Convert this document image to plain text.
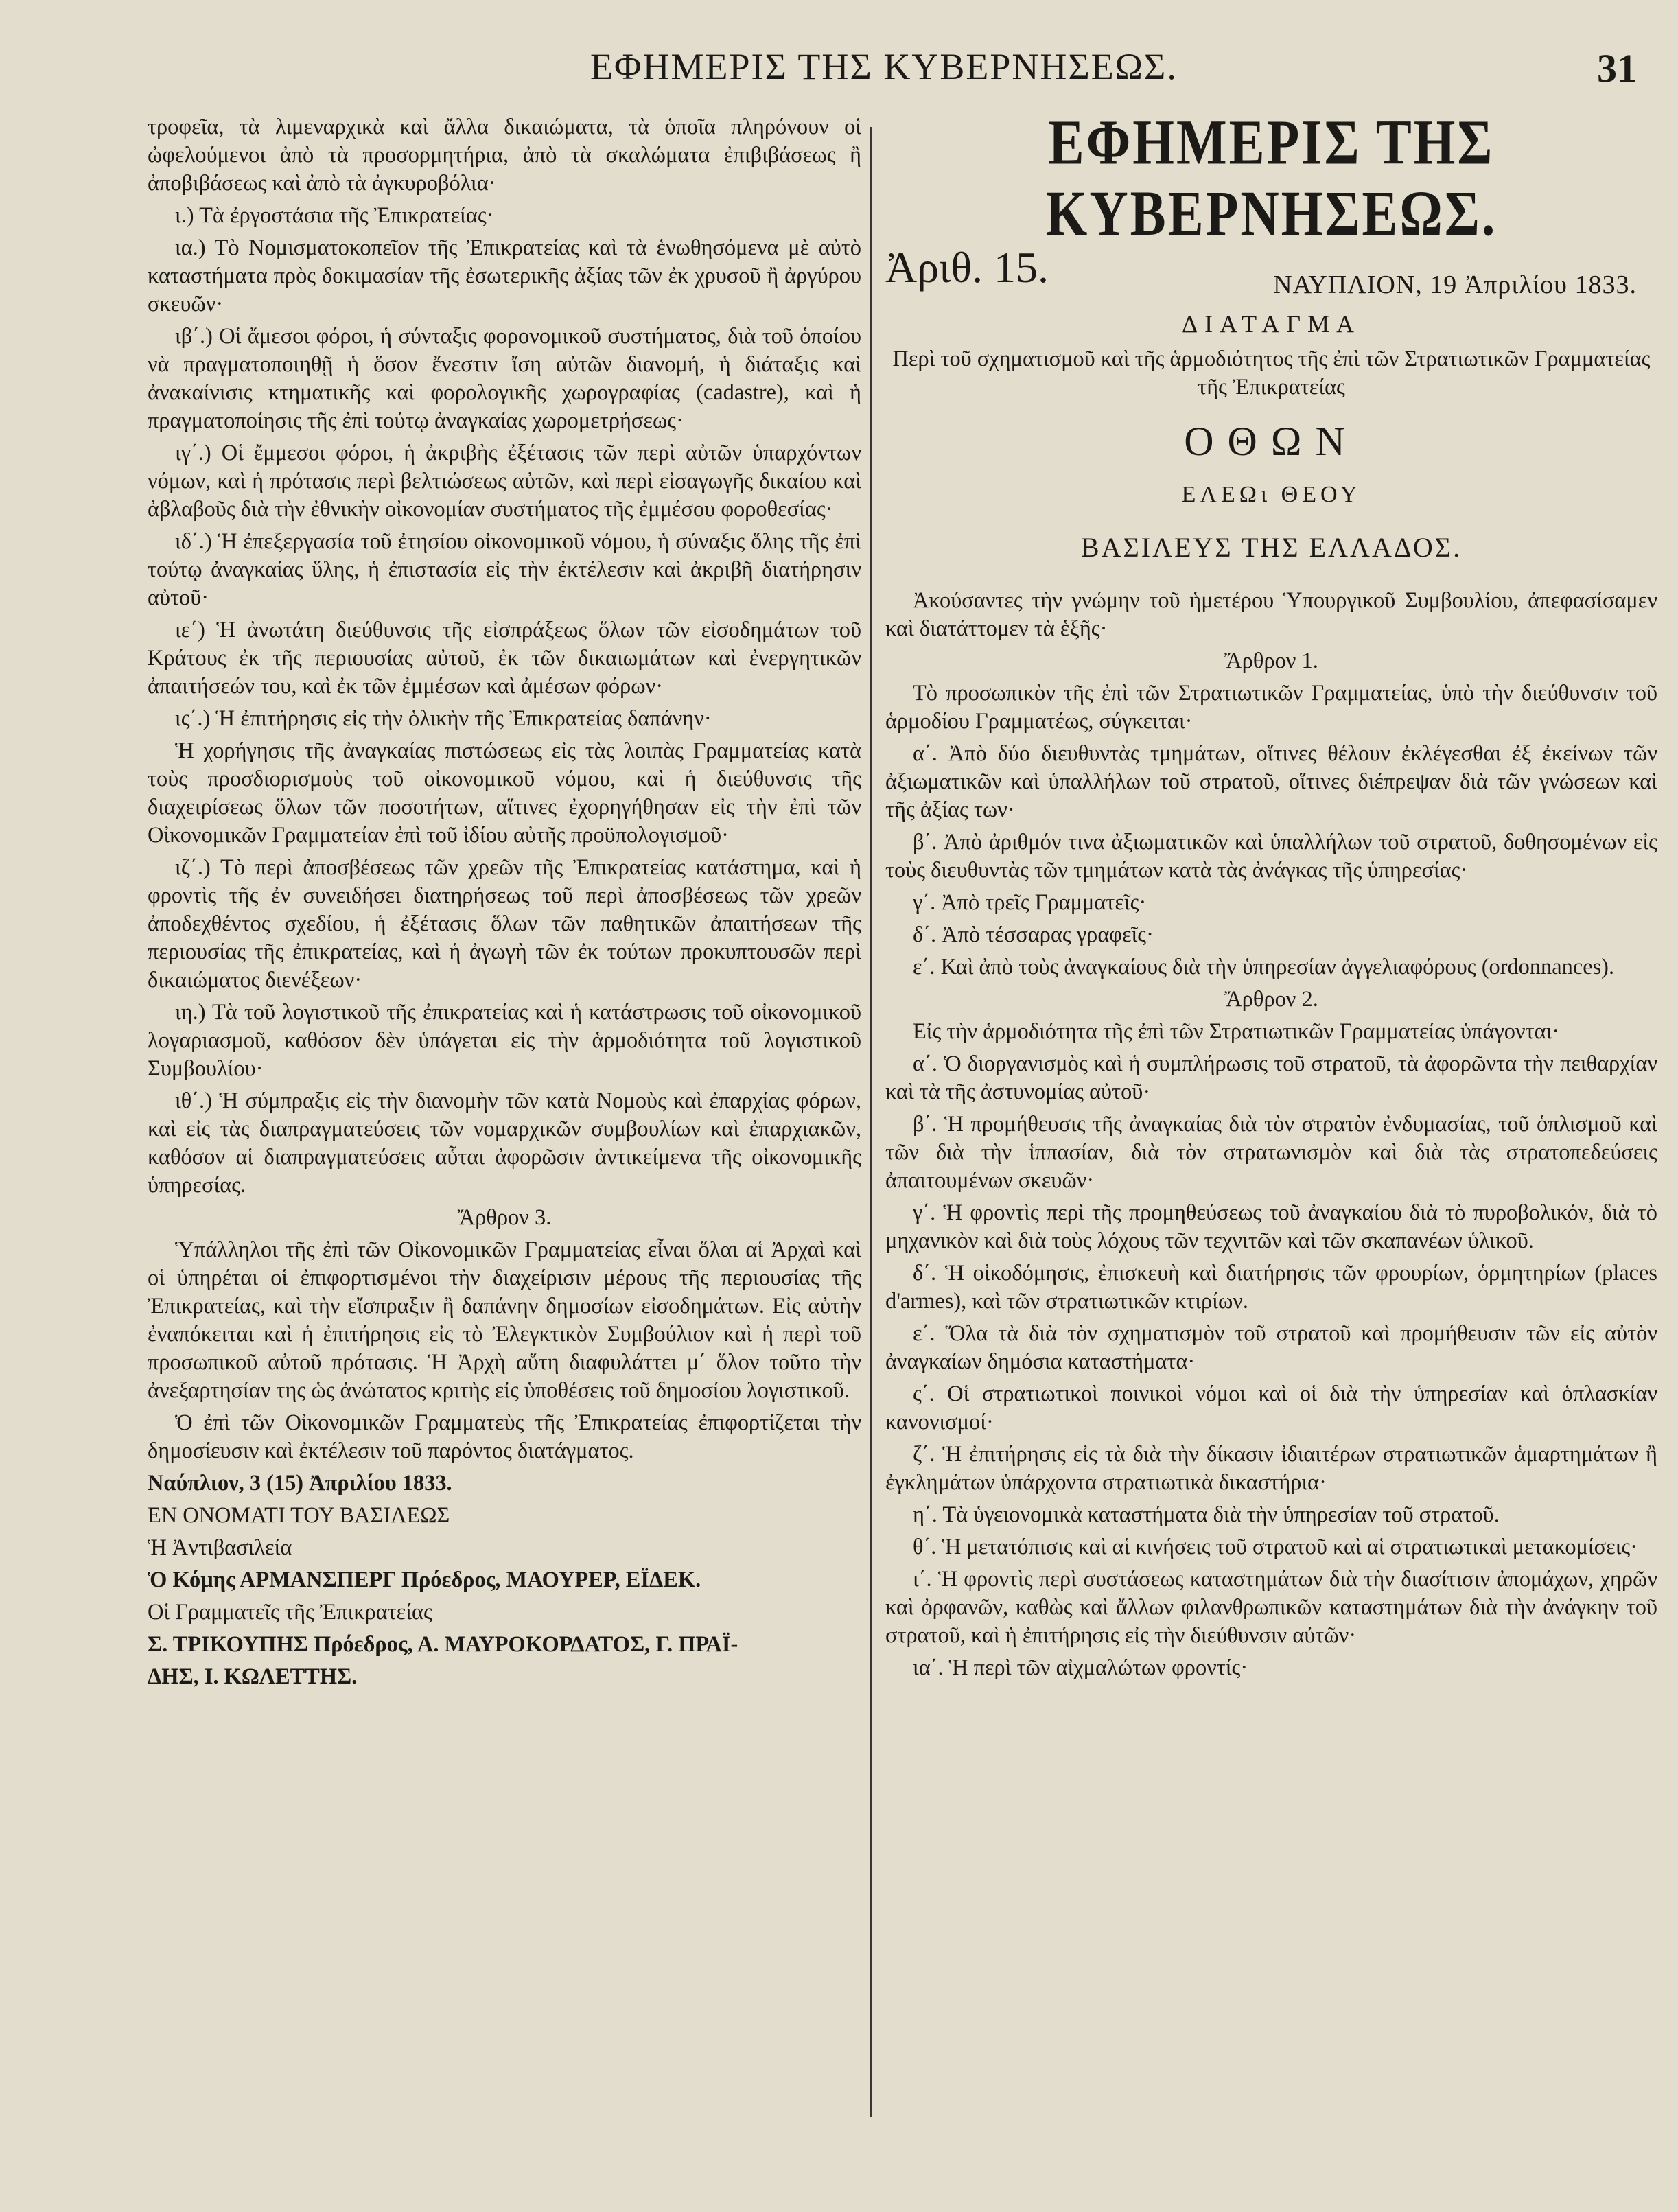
ΕΦΗΜΕΡΙΣ ΤΗΣ ΚΥΒΕΡΝΗΣΕΩΣ.	31

τροφεῖα, τὰ λιμεναρχικὰ καὶ ἄλλα δικαιώματα, τὰ ὁποῖα πληρόνουν οἱ ὠφελούμενοι ἀπὸ τὰ προσορμητήρια, ἀπὸ τὰ σκαλώματα ἐπιβιβάσεως ἢ ἀποβιβάσεως καὶ ἀπὸ τὰ ἀγκυροβόλια·

ι.) Τὰ ἐργοστάσια τῆς Ἐπικρατείας·

ια.) Τὸ Νομισματοκοπεῖον τῆς Ἐπικρατείας καὶ τὰ ἑνωθησόμενα μὲ αὐτὸ καταστήματα πρὸς δοκιμασίαν τῆς ἐσωτερικῆς ἀξίας τῶν ἐκ χρυσοῦ ἢ ἀργύρου σκευῶν·

ιβ΄.) Οἱ ἄμεσοι φόροι, ἡ σύνταξις φορονομικοῦ συστήματος, διὰ τοῦ ὁποίου νὰ πραγματοποιηθῇ ἡ ὅσον ἔνεστιν ἴση αὐτῶν διανομή, ἡ διάταξις καὶ ἀνακαίνισις κτηματικῆς καὶ φορολογικῆς χωρογραφίας (cadastre), καὶ ἡ πραγματοποίησις τῆς ἐπὶ τούτῳ ἀναγκαίας χωρομετρήσεως·

ιγ΄.) Οἱ ἔμμεσοι φόροι, ἡ ἀκριβὴς ἐξέτασις τῶν περὶ αὐτῶν ὑπαρχόντων νόμων, καὶ ἡ πρότασις περὶ βελτιώσεως αὐτῶν, καὶ περὶ εἰσαγωγῆς δικαίου καὶ ἀβλαβοῦς διὰ τὴν ἐθνικὴν οἰκονομίαν συστήματος τῆς ἐμμέσου φοροθεσίας·

ιδ΄.) Ἡ ἐπεξεργασία τοῦ ἐτησίου οἰκονομικοῦ νόμου, ἡ σύναξις ὅλης τῆς ἐπὶ τούτῳ ἀναγκαίας ὕλης, ἡ ἐπιστασία εἰς τὴν ἐκτέλεσιν καὶ ἀκριβῆ διατήρησιν αὐτοῦ·

ιε΄) Ἡ ἀνωτάτη διεύθυνσις τῆς εἰσπράξεως ὅλων τῶν εἰσοδημάτων τοῦ Κράτους ἐκ τῆς περιουσίας αὐτοῦ, ἐκ τῶν δικαιωμάτων καὶ ἐνεργητικῶν ἀπαιτήσεών του, καὶ ἐκ τῶν ἐμμέσων καὶ ἀμέσων φόρων·

ις΄.) Ἡ ἐπιτήρησις εἰς τὴν ὁλικὴν τῆς Ἐπικρατείας δαπάνην·

Ἡ χορήγησις τῆς ἀναγκαίας πιστώσεως εἰς τὰς λοιπὰς Γραμματείας κατὰ τοὺς προσδιορισμοὺς τοῦ οἰκονομικοῦ νόμου, καὶ ἡ διεύθυνσις τῆς διαχειρίσεως ὅλων τῶν ποσοτήτων, αἵτινες ἐχορηγήθησαν εἰς τὴν ἐπὶ τῶν Οἰκονομικῶν Γραμματείαν ἐπὶ τοῦ ἰδίου αὐτῆς προϋπολογισμοῦ·

ιζ΄.) Τὸ περὶ ἀποσβέσεως τῶν χρεῶν τῆς Ἐπικρατείας κατάστημα, καὶ ἡ φροντὶς τῆς ἐν συνειδήσει διατηρήσεως τοῦ περὶ ἀποσβέσεως τῶν χρεῶν ἀποδεχθέντος σχεδίου, ἡ ἐξέτασις ὅλων τῶν παθητικῶν ἀπαιτήσεων τῆς περιουσίας τῆς ἐπικρατείας, καὶ ἡ ἀγωγὴ τῶν ἐκ τούτων προκυπτουσῶν περὶ δικαιώματος διενέξεων·

ιη.) Τὰ τοῦ λογιστικοῦ τῆς ἐπικρατείας καὶ ἡ κατάστρωσις τοῦ οἰκονομικοῦ λογαριασμοῦ, καθόσον δὲν ὑπάγεται εἰς τὴν ἁρμοδιότητα τοῦ λογιστικοῦ Συμβουλίου·

ιθ΄.) Ἡ σύμπραξις εἰς τὴν διανομὴν τῶν κατὰ Νομοὺς καὶ ἐπαρχίας φόρων, καὶ εἰς τὰς διαπραγματεύσεις τῶν νομαρχικῶν συμβουλίων καὶ ἐπαρχιακῶν, καθόσον αἱ διαπραγματεύσεις αὗται ἀφορῶσιν ἀντικείμενα τῆς οἰκονομικῆς ὑπηρεσίας.

Ἄρθρον 3.

Ὑπάλληλοι τῆς ἐπὶ τῶν Οἰκονομικῶν Γραμματείας εἶναι ὅλαι αἱ Ἀρχαὶ καὶ οἱ ὑπηρέται οἱ ἐπιφορτισμένοι τὴν διαχείρισιν μέρους τῆς περιουσίας τῆς Ἐπικρατείας, καὶ τὴν εἴσπραξιν ἢ δαπάνην δημοσίων εἰσοδημάτων. Εἰς αὐτὴν ἐναπόκειται καὶ ἡ ἐπιτήρησις εἰς τὸ Ἐλεγκτικὸν Συμβούλιον καὶ ἡ περὶ τοῦ προσωπικοῦ αὐτοῦ πρότασις. Ἡ Ἀρχὴ αὕτη διαφυλάττει μ΄ ὅλον τοῦτο τὴν ἀνεξαρτησίαν της ὡς ἀνώτατος κριτὴς εἰς ὑποθέσεις τοῦ δημοσίου λογιστικοῦ.

Ὁ ἐπὶ τῶν Οἰκονομικῶν Γραμματεὺς τῆς Ἐπικρατείας ἐπιφορτίζεται τὴν δημοσίευσιν καὶ ἐκτέλεσιν τοῦ παρόντος διατάγματος.

Ναύπλιον, 3 (15) Ἀπριλίου 1833.

ΕΝ ΟΝΟΜΑΤΙ ΤΟΥ ΒΑΣΙΛΕΩΣ

Ἡ Ἀντιβασιλεία

Ὁ Κόμης ΑΡΜΑΝΣΠΕΡΓ Πρόεδρος, ΜΑΟΥΡΕΡ, ΕΪΔΕΚ.

Οἱ Γραμματεῖς τῆς Ἐπικρατείας

Σ. ΤΡΙΚΟΥΠΗΣ Πρόεδρος, Α. ΜΑΥΡΟΚΟΡΔΑΤΟΣ, Γ. ΠΡΑΪ-

ΔΗΣ, Ι. ΚΩΛΕΤΤΗΣ.

ΕΦΗΜΕΡΙΣ ΤΗΣ ΚΥΒΕΡΝΗΣΕΩΣ.
Ἀριθ. 15.	ΝΑΥΠΛΙΟΝ, 19 Ἀπριλίου 1833.
ΔΙΑΤΑΓΜΑ

Περὶ τοῦ σχηματισμοῦ καὶ τῆς ἁρμοδιότητος τῆς ἐπὶ τῶν Στρατιωτικῶν Γραμματείας τῆς Ἐπικρατείας

ΟΘΩΝ
ΕΛΕΩι ΘΕΟΥ
ΒΑΣΙΛΕΥΣ ΤΗΣ ΕΛΛΑΔΟΣ.

Ἀκούσαντες τὴν γνώμην τοῦ ἡμετέρου Ὑπουργικοῦ Συμβουλίου, ἀπεφασίσαμεν καὶ διατάττομεν τὰ ἑξῆς·

Ἄρθρον 1.

Τὸ προσωπικὸν τῆς ἐπὶ τῶν Στρατιωτικῶν Γραμματείας, ὑπὸ τὴν διεύθυνσιν τοῦ ἁρμοδίου Γραμματέως, σύγκειται·

α΄. Ἀπὸ δύο διευθυντὰς τμημάτων, οἵτινες θέλουν ἐκλέγεσθαι ἐξ ἐκείνων τῶν ἀξιωματικῶν καὶ ὑπαλλήλων τοῦ στρατοῦ, οἵτινες διέπρεψαν διὰ τῶν γνώσεων καὶ τῆς ἀξίας των·

β΄. Ἀπὸ ἀριθμόν τινα ἀξιωματικῶν καὶ ὑπαλλήλων τοῦ στρατοῦ, δοθησομένων εἰς τοὺς διευθυντὰς τῶν τμημάτων κατὰ τὰς ἀνάγκας τῆς ὑπηρεσίας·

γ΄. Ἀπὸ τρεῖς Γραμματεῖς·

δ΄. Ἀπὸ τέσσαρας γραφεῖς·

ε΄. Καὶ ἀπὸ τοὺς ἀναγκαίους διὰ τὴν ὑπηρεσίαν ἀγγελιαφόρους (ordonnances).

Ἄρθρον 2.

Εἰς τὴν ἁρμοδιότητα τῆς ἐπὶ τῶν Στρατιωτικῶν Γραμματείας ὑπάγονται·

α΄. Ὁ διοργανισμὸς καὶ ἡ συμπλήρωσις τοῦ στρατοῦ, τὰ ἀφορῶντα τὴν πειθαρχίαν καὶ τὰ τῆς ἀστυνομίας αὐτοῦ·

β΄. Ἡ προμήθευσις τῆς ἀναγκαίας διὰ τὸν στρατὸν ἐνδυμασίας, τοῦ ὁπλισμοῦ καὶ τῶν διὰ τὴν ἱππασίαν, διὰ τὸν στρατωνισμὸν καὶ διὰ τὰς στρατοπεδεύσεις ἀπαιτουμένων σκευῶν·

γ΄. Ἡ φροντὶς περὶ τῆς προμηθεύσεως τοῦ ἀναγκαίου διὰ τὸ πυροβολικόν, διὰ τὸ μηχανικὸν καὶ διὰ τοὺς λόχους τῶν τεχνιτῶν καὶ τῶν σκαπανέων ὑλικοῦ.

δ΄. Ἡ οἰκοδόμησις, ἐπισκευὴ καὶ διατήρησις τῶν φρουρίων, ὁρμητηρίων (places d'armes), καὶ τῶν στρατιωτικῶν κτιρίων.

ε΄. Ὅλα τὰ διὰ τὸν σχηματισμὸν τοῦ στρατοῦ καὶ προμήθευσιν τῶν εἰς αὐτὸν ἀναγκαίων δημόσια καταστήματα·

ς΄. Οἱ στρατιωτικοὶ ποινικοὶ νόμοι καὶ οἱ διὰ τὴν ὑπηρεσίαν καὶ ὁπλασκίαν κανονισμοί·

ζ΄. Ἡ ἐπιτήρησις εἰς τὰ διὰ τὴν δίκασιν ἰδιαιτέρων στρατιωτικῶν ἁμαρτημάτων ἢ ἐγκλημάτων ὑπάρχοντα στρατιωτικὰ δικαστήρια·

η΄. Τὰ ὑγειονομικὰ καταστήματα διὰ τὴν ὑπηρεσίαν τοῦ στρατοῦ.

θ΄. Ἡ μετατόπισις καὶ αἱ κινήσεις τοῦ στρατοῦ καὶ αἱ στρατιωτικαὶ μετακομίσεις·

ι΄. Ἡ φροντὶς περὶ συστάσεως καταστημάτων διὰ τὴν διασίτισιν ἀπομάχων, χηρῶν καὶ ὀρφανῶν, καθὼς καὶ ἄλλων φιλανθρωπικῶν καταστημάτων διὰ τὴν ἀνάγκην τοῦ στρατοῦ, καὶ ἡ ἐπιτήρησις εἰς τὴν διεύθυνσιν αὐτῶν·

ια΄. Ἡ περὶ τῶν αἰχμαλώτων φροντίς·
